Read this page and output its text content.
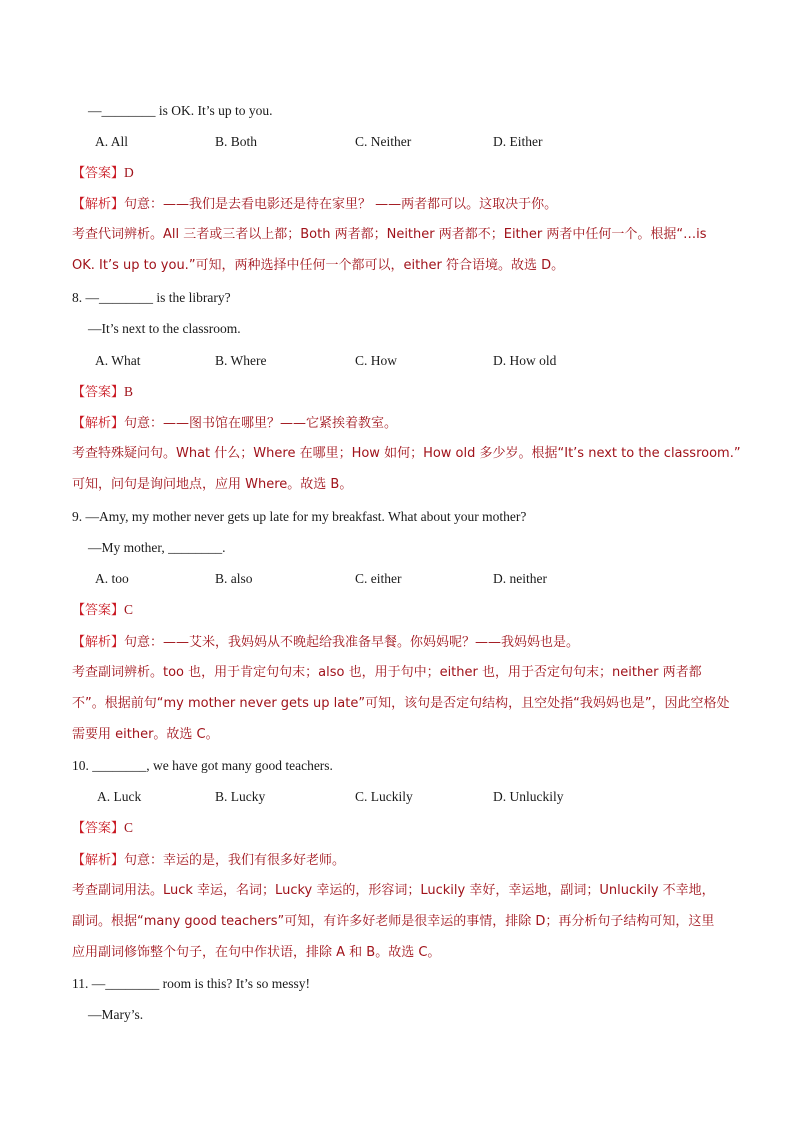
—________ is OK. It’s up to you.
A. All	B. Both	C. Neither	D. Either
【答案】D
【解析】句意：——我们是去看电影还是待在家里？ ——两者都可以。这取决于你。
考查代词辨析。All 三者或三者以上都；Both 两者都；Neither 两者都不；Either 两者中任何一个。根据“…is
OK. It’s up to you.”可知，两种选择中任何一个都可以，either 符合语境。故选 D。
8. —________ is the library?
—It’s next to the classroom.
A. What	B. Where	C. How	D. How old
【答案】B
【解析】句意：——图书馆在哪里？——它紧挨着教室。
考查特殊疑问句。What 什么；Where 在哪里；How 如何；How old 多少岁。根据“It’s next to the classroom.”
可知，问句是询问地点，应用 Where。故选 B。
9. —Amy, my mother never gets up late for my breakfast. What about your mother?
—My mother, ________.
A. too	B. also	C. either	D. neither
【答案】C
【解析】句意：——艾米，我妈妈从不晚起给我准备早餐。你妈妈呢？——我妈妈也是。
考查副词辨析。too 也，用于肯定句句末；also 也，用于句中；either 也，用于否定句句末；neither 两者都
不”。根据前句“my mother never gets up late”可知，该句是否定句结构，且空处指“我妈妈也是”，因此空格处
需要用 either。故选 C。
10. ________, we have got many good teachers.
A. Luck	B. Lucky	C. Luckily	D. Unluckily
【答案】C
【解析】句意：幸运的是，我们有很多好老师。
考查副词用法。Luck 幸运，名词；Lucky 幸运的，形容词；Luckily 幸好，幸运地，副词；Unluckily 不幸地，
副词。根据“many good teachers”可知，有许多好老师是很幸运的事情，排除 D；再分析句子结构可知，这里
应用副词修饰整个句子，在句中作状语，排除 A 和 B。故选 C。
11. —________ room is this? It’s so messy!
—Mary’s.
